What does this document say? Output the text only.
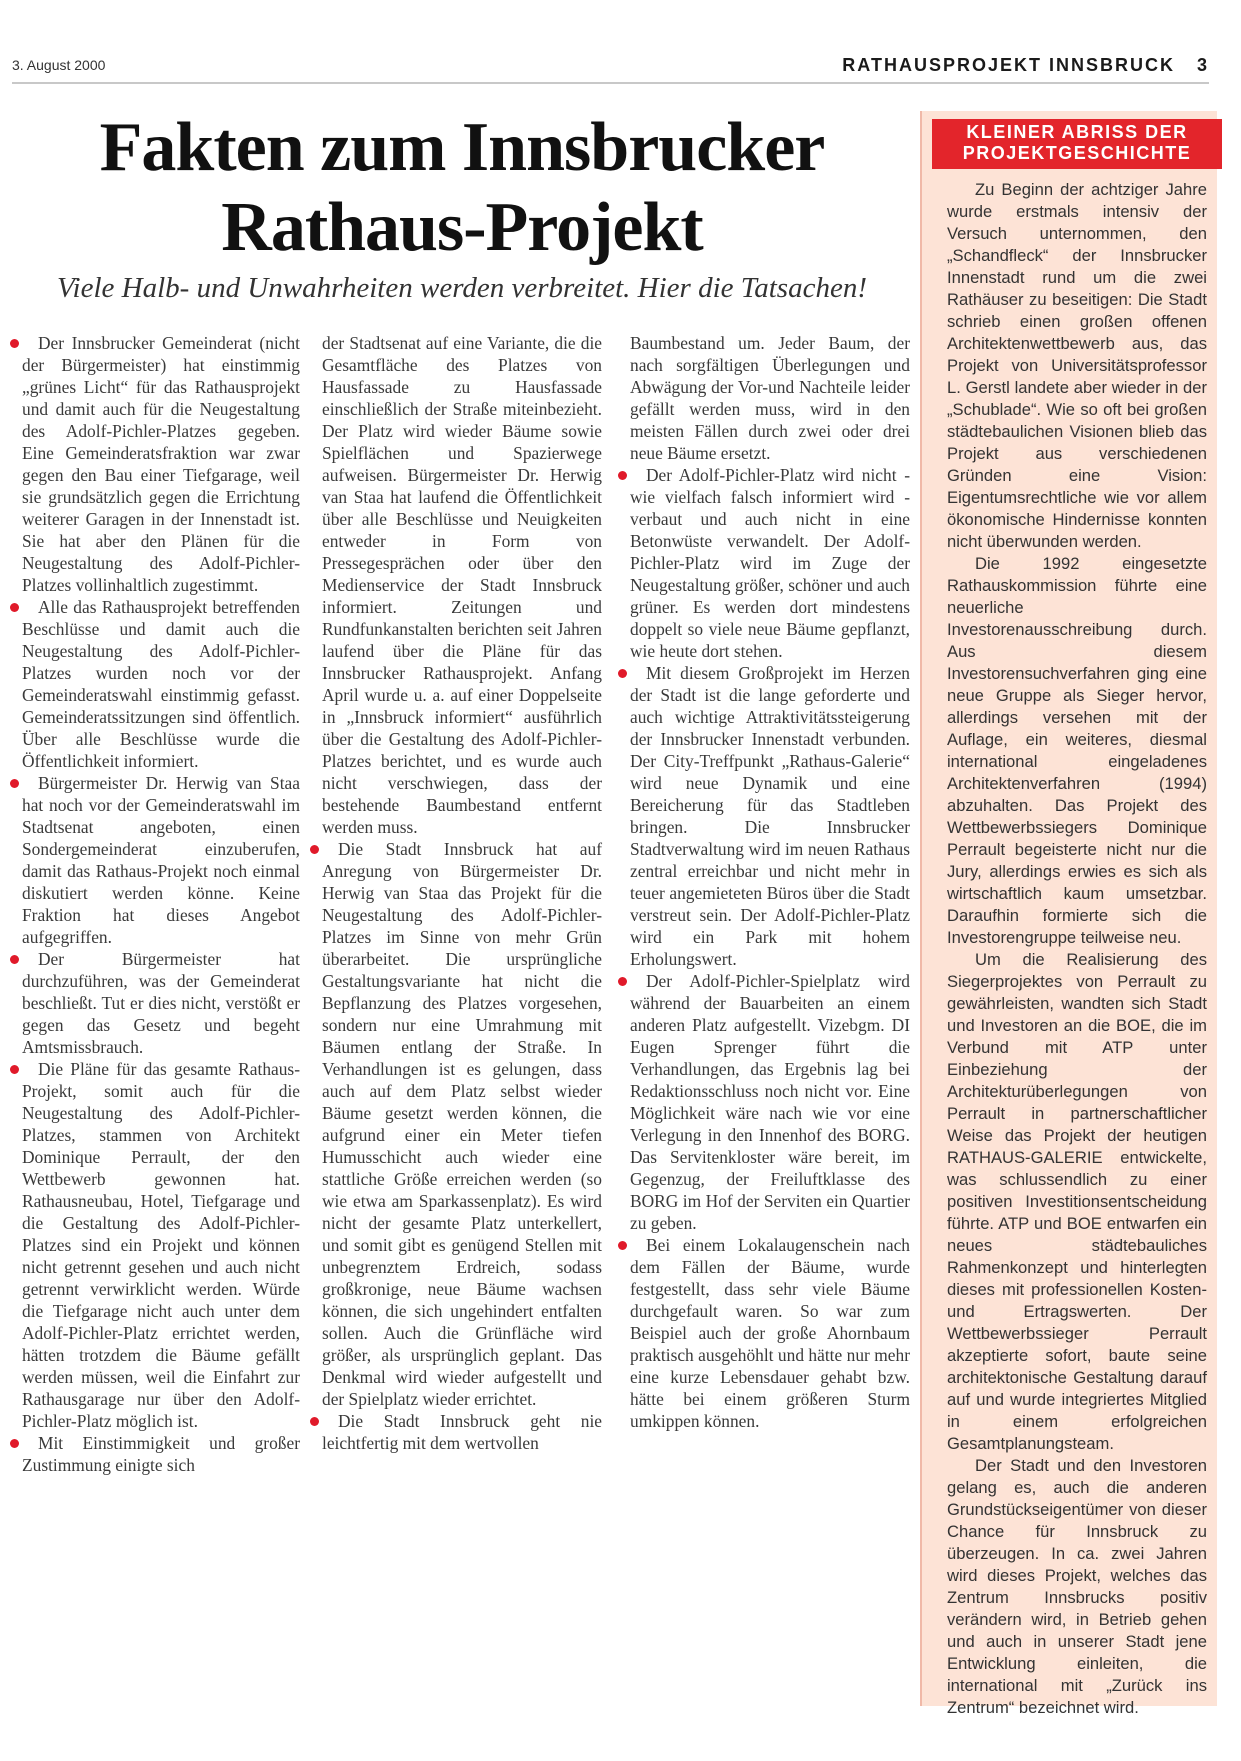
3. August 2000	RATHAUSPROJEKT INNSBRUCK 3
Fakten zum Innsbrucker
Rathaus-Projekt
Viele Halb- und Unwahrheiten werden verbreitet. Hier die Tatsachen!

Der Innsbrucker Gemeinderat (nicht der Bürgermeister) hat einstimmig „grünes Licht“ für das Rathausprojekt und damit auch für die Neugestaltung des Adolf-Pichler-Platzes gegeben. Eine Gemeinderatsfraktion war zwar gegen den Bau einer Tiefgarage, weil sie grundsätzlich gegen die Errichtung weiterer Garagen in der Innenstadt ist. Sie hat aber den Plänen für die Neugestaltung des Adolf-Pichler-Platzes vollinhaltlich zugestimmt.

Alle das Rathausprojekt betreffenden Beschlüsse und damit auch die Neugestaltung des Adolf-Pichler-Platzes wurden noch vor der Gemeinderatswahl einstimmig gefasst. Gemeinderatssitzungen sind öffentlich. Über alle Beschlüsse wurde die Öffentlichkeit informiert.

Bürgermeister Dr. Herwig van Staa hat noch vor der Gemeinderatswahl im Stadtsenat angeboten, einen Sondergemeinderat einzuberufen, damit das Rathaus-Projekt noch einmal diskutiert werden könne. Keine Fraktion hat dieses Angebot aufgegriffen.

Der Bürgermeister hat durchzuführen, was der Gemeinderat beschließt. Tut er dies nicht, verstößt er gegen das Gesetz und begeht Amtsmissbrauch.

Die Pläne für das gesamte Rathaus-Projekt, somit auch für die Neugestaltung des Adolf-Pichler-Platzes, stammen von Architekt Dominique Perrault, der den Wettbewerb gewonnen hat. Rathausneubau, Hotel, Tiefgarage und die Gestaltung des Adolf-Pichler-Platzes sind ein Projekt und können nicht getrennt gesehen und auch nicht getrennt verwirklicht werden. Würde die Tiefgarage nicht auch unter dem Adolf-Pichler-Platz errichtet werden, hätten trotzdem die Bäume gefällt werden müssen, weil die Einfahrt zur Rathausgarage nur über den Adolf-Pichler-Platz möglich ist.

Mit Einstimmigkeit und großer Zustimmung einigte sich

der Stadtsenat auf eine Variante, die die Gesamtfläche des Platzes von Hausfassade zu Hausfassade einschließlich der Straße miteinbezieht. Der Platz wird wieder Bäume sowie Spielflächen und Spazierwege aufweisen. Bürgermeister Dr. Herwig van Staa hat laufend die Öffentlichkeit über alle Beschlüsse und Neuigkeiten entweder in Form von Pressegesprächen oder über den Medienservice der Stadt Innsbruck informiert. Zeitungen und Rundfunkanstalten berichten seit Jahren laufend über die Pläne für das Innsbrucker Rathausprojekt. Anfang April wurde u. a. auf einer Doppelseite in „Innsbruck informiert“ ausführlich über die Gestaltung des Adolf-Pichler-Platzes berichtet, und es wurde auch nicht verschwiegen, dass der bestehende Baumbestand entfernt werden muss.

Die Stadt Innsbruck hat auf Anregung von Bürgermeister Dr. Herwig van Staa das Projekt für die Neugestaltung des Adolf-Pichler-Platzes im Sinne von mehr Grün überarbeitet. Die ursprüngliche Gestaltungsvariante hat nicht die Bepflanzung des Platzes vorgesehen, sondern nur eine Umrahmung mit Bäumen entlang der Straße. In Verhandlungen ist es gelungen, dass auch auf dem Platz selbst wieder Bäume gesetzt werden können, die aufgrund einer ein Meter tiefen Humusschicht auch wieder eine stattliche Größe erreichen werden (so wie etwa am Sparkassenplatz). Es wird nicht der gesamte Platz unterkellert, und somit gibt es genügend Stellen mit unbegrenztem Erdreich, sodass großkronige, neue Bäume wachsen können, die sich ungehindert entfalten sollen. Auch die Grünfläche wird größer, als ursprünglich geplant. Das Denkmal wird wieder aufgestellt und der Spielplatz wieder errichtet.

Die Stadt Innsbruck geht nie leichtfertig mit dem wertvollen

Baumbestand um. Jeder Baum, der nach sorgfältigen Überlegungen und Abwägung der Vor-und Nachteile leider gefällt werden muss, wird in den meisten Fällen durch zwei oder drei neue Bäume ersetzt.

Der Adolf-Pichler-Platz wird nicht - wie vielfach falsch informiert wird - verbaut und auch nicht in eine Betonwüste verwandelt. Der Adolf-Pichler-Platz wird im Zuge der Neugestaltung größer, schöner und auch grüner. Es werden dort mindestens doppelt so viele neue Bäume gepflanzt, wie heute dort stehen.

Mit diesem Großprojekt im Herzen der Stadt ist die lange geforderte und auch wichtige Attraktivitätssteigerung der Innsbrucker Innenstadt verbunden. Der City-Treffpunkt „Rathaus-Galerie“ wird neue Dynamik und eine Bereicherung für das Stadtleben bringen. Die Innsbrucker Stadtverwaltung wird im neuen Rathaus zentral erreichbar und nicht mehr in teuer angemieteten Büros über die Stadt verstreut sein. Der Adolf-Pichler-Platz wird ein Park mit hohem Erholungswert.

Der Adolf-Pichler-Spielplatz wird während der Bauarbeiten an einem anderen Platz aufgestellt. Vizebgm. DI Eugen Sprenger führt die Verhandlungen, das Ergebnis lag bei Redaktionsschluss noch nicht vor. Eine Möglichkeit wäre nach wie vor eine Verlegung in den Innenhof des BORG. Das Servitenkloster wäre bereit, im Gegenzug, der Freiluftklasse des BORG im Hof der Serviten ein Quartier zu geben.

Bei einem Lokalaugenschein nach dem Fällen der Bäume, wurde festgestellt, dass sehr viele Bäume durchgefault waren. So war zum Beispiel auch der große Ahornbaum praktisch ausgehöhlt und hätte nur mehr eine kurze Lebensdauer gehabt bzw. hätte bei einem größeren Sturm umkippen können.

KLEINER ABRISS DER
PROJEKTGESCHICHTE

Zu Beginn der achtziger Jahre wurde erstmals intensiv der Versuch unternommen, den „Schandfleck“ der Innsbrucker Innenstadt rund um die zwei Rathäuser zu beseitigen: Die Stadt schrieb einen großen offenen Architektenwettbewerb aus, das Projekt von Universitätsprofessor L. Gerstl landete aber wieder in der „Schublade“. Wie so oft bei großen städtebaulichen Visionen blieb das Projekt aus verschiedenen Gründen eine Vision: Eigentumsrechtliche wie vor allem ökonomische Hindernisse konnten nicht überwunden werden.

Die 1992 eingesetzte Rathauskommission führte eine neuerliche Investorenausschreibung durch. Aus diesem Investorensuchverfahren ging eine neue Gruppe als Sieger hervor, allerdings versehen mit der Auflage, ein weiteres, diesmal international eingeladenes Architektenverfahren (1994) abzuhalten. Das Projekt des Wettbewerbssiegers Dominique Perrault begeisterte nicht nur die Jury, allerdings erwies es sich als wirtschaftlich kaum umsetzbar. Daraufhin formierte sich die Investorengruppe teilweise neu.

Um die Realisierung des Siegerprojektes von Perrault zu gewährleisten, wandten sich Stadt und Investoren an die BOE, die im Verbund mit ATP unter Einbeziehung der Architekturüberlegungen von Perrault in partnerschaftlicher Weise das Projekt der heutigen RATHAUS-GALERIE entwickelte, was schlussendlich zu einer positiven Investitionsentscheidung führte. ATP und BOE entwarfen ein neues städtebauliches Rahmenkonzept und hinterlegten dieses mit professionellen Kosten- und Ertragswerten. Der Wettbewerbssieger Perrault akzeptierte sofort, baute seine architektonische Gestaltung darauf auf und wurde integriertes Mitglied in einem erfolgreichen Gesamtplanungsteam.

Der Stadt und den Investoren gelang es, auch die anderen Grundstückseigentümer von dieser Chance für Innsbruck zu überzeugen. In ca. zwei Jahren wird dieses Projekt, welches das Zentrum Innsbrucks positiv verändern wird, in Betrieb gehen und auch in unserer Stadt jene Entwicklung einleiten, die international mit „Zurück ins Zentrum“ bezeichnet wird.
